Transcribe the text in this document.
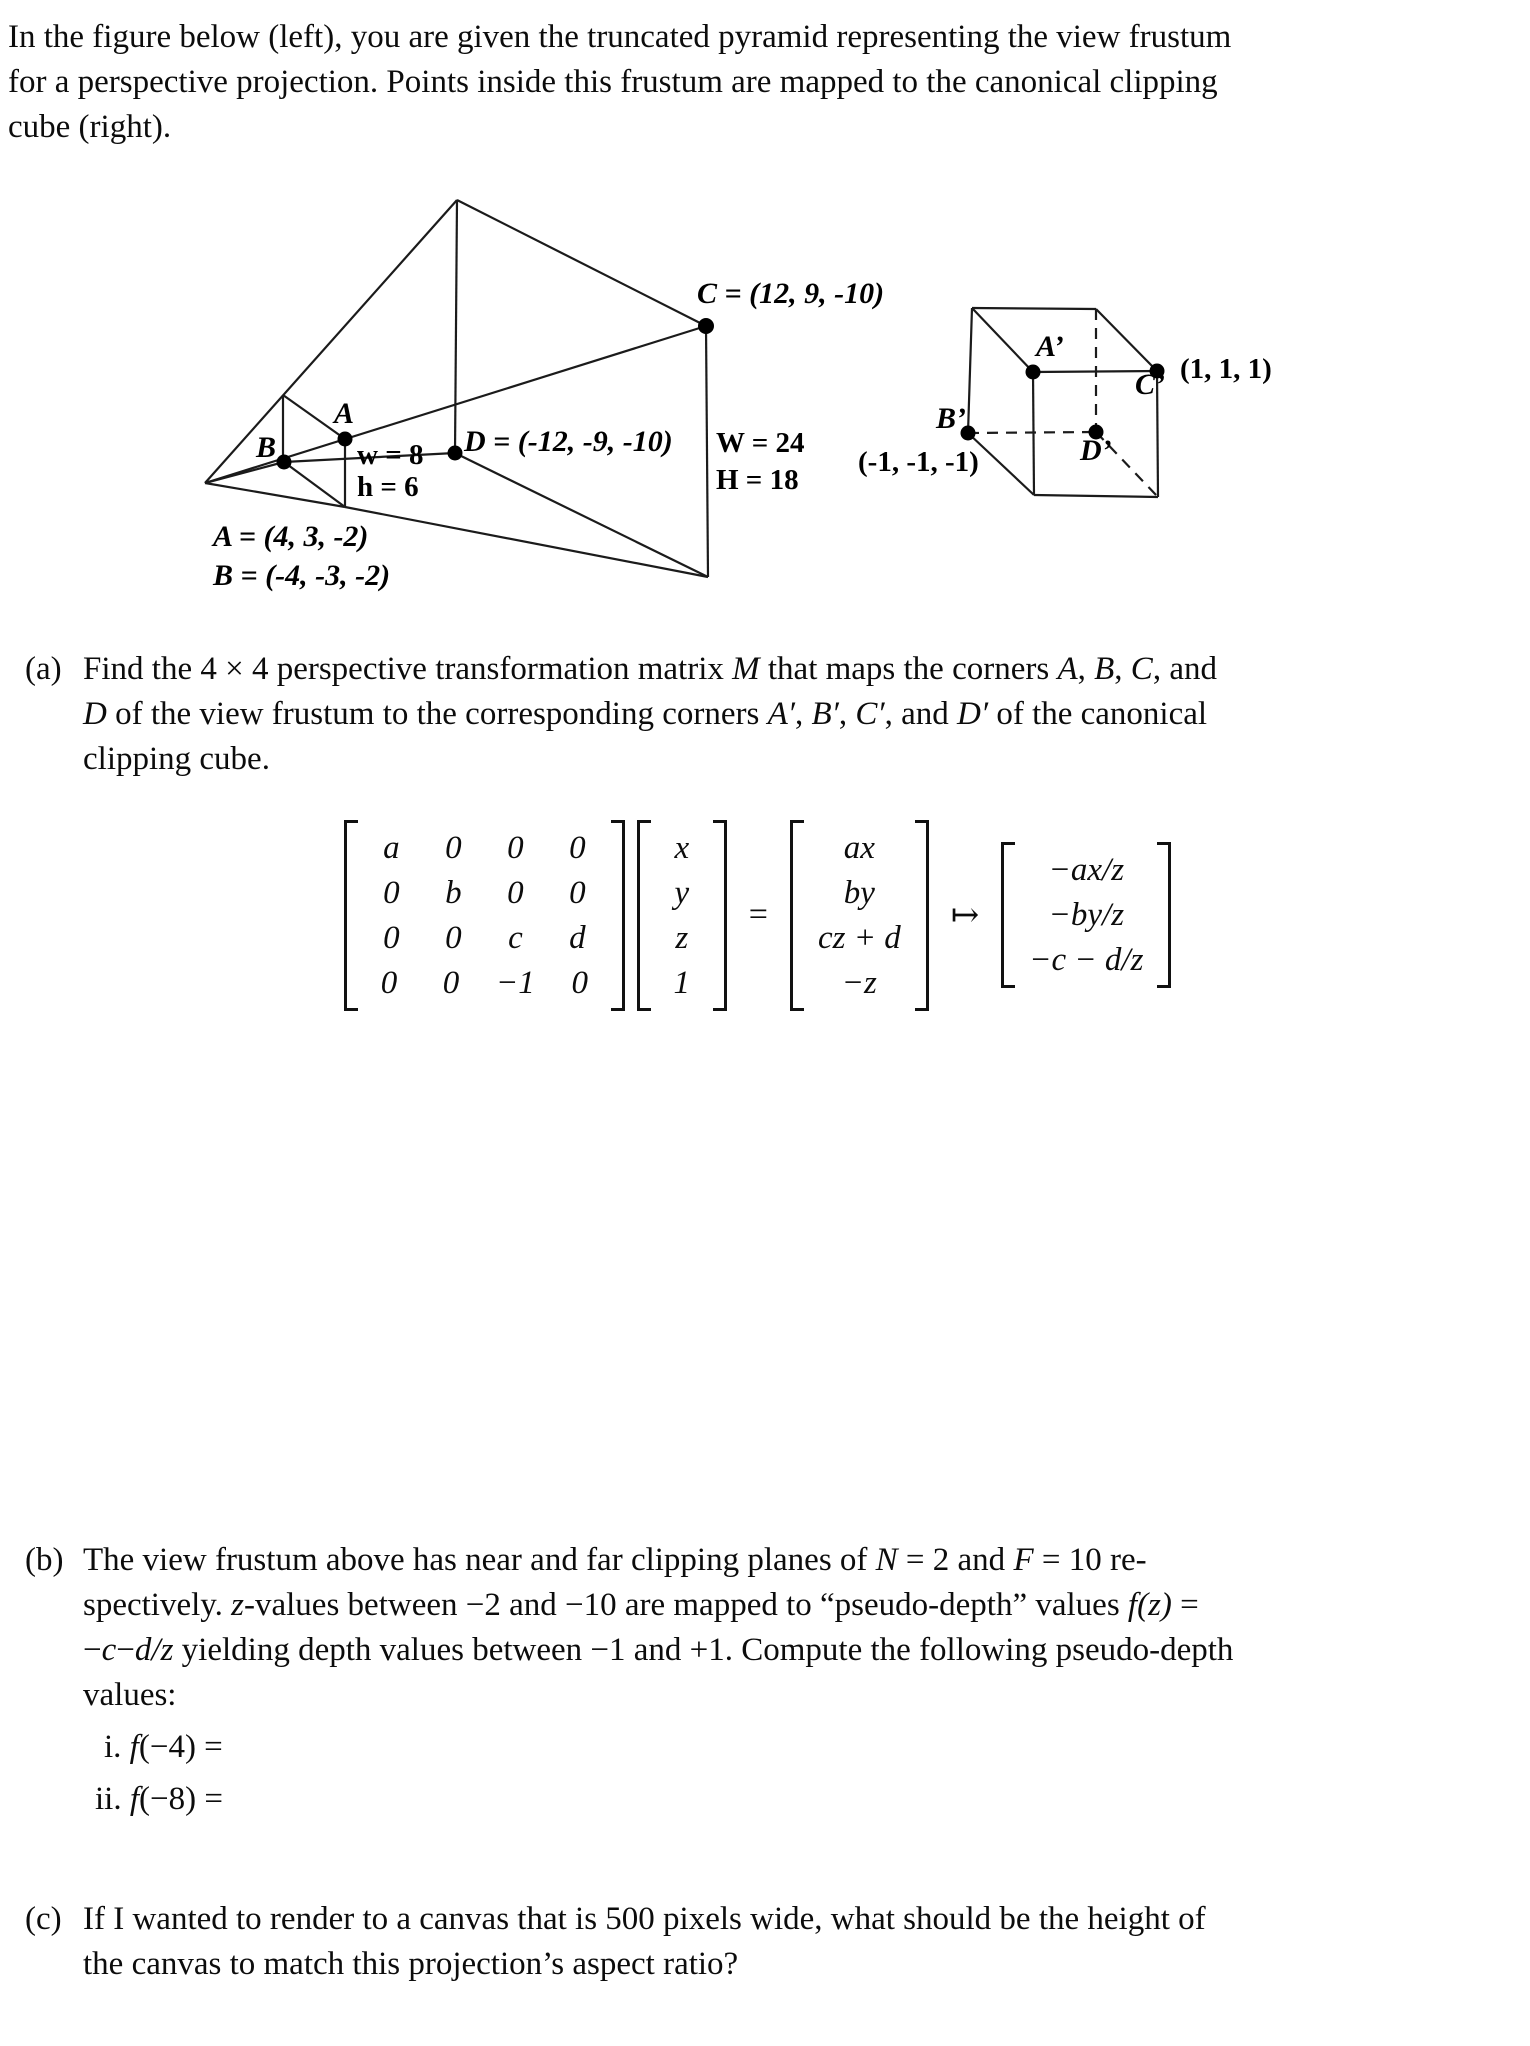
In the figure below (left), you are given the truncated pyramid representing the view frustum
for a perspective projection. Points inside this frustum are mapped to the canonical clipping
cube (right).
A
B
C = (12, 9, -10)
D = (-12, -9, -10)
w = 8
h = 6
W = 24
H = 18
A = (4, 3, -2)
B = (-4, -3, -2)
A’
B’
C’
D’
(1, 1, 1)
(-1, -1, -1)
(a) Find the 4 × 4 perspective transformation matrix M that maps the corners A, B, C, and
D of the view frustum to the corresponding corners A′, B′, C′, and D′ of the canonical
clipping cube.
a 0 0 0
0 b 0 0
0 0 c d
0 0 −1 0
x
y
z
1
=
ax
by
cz + d
−z
↦
−ax/z
−by/z
−c − d/z
(b) The view frustum above has near and far clipping planes of N = 2 and F = 10 re-
spectively. z-values between −2 and −10 are mapped to “pseudo-depth” values f(z) =
−c−d/z yielding depth values between −1 and +1. Compute the following pseudo-depth
values:
i. f(−4) =
ii. f(−8) =
(c) If I wanted to render to a canvas that is 500 pixels wide, what should be the height of
the canvas to match this projection’s aspect ratio?
